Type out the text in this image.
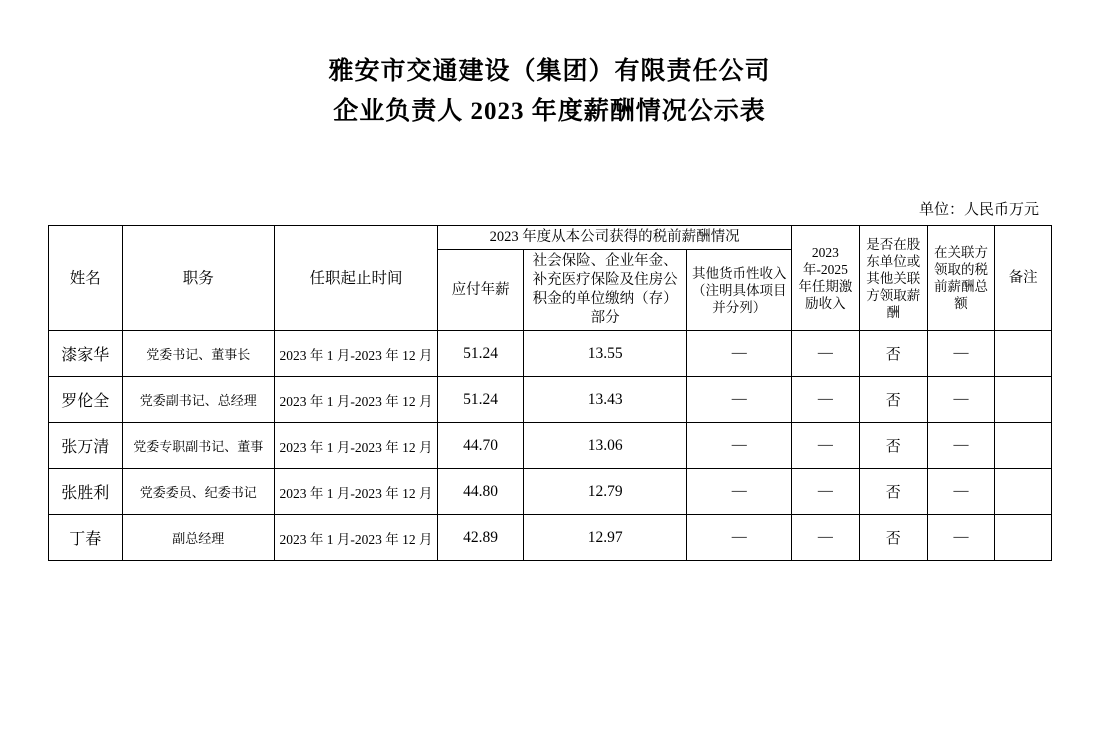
雅安市交通建设（集团）有限责任公司
企业负责人 2023 年度薪酬情况公示表
单位：人民币万元
姓名	职务	任职起止时间	2023 年度从本公司获得的税前薪酬情况			2023 年-2025 年任期激励收入	是否在股东单位或其他关联方领取薪酬	在关联方领取的税前薪酬总额	备注
			应付年薪	社会保险、企业年金、补充医疗保险及住房公积金的单位缴纳（存）部分	其他货币性收入（注明具体项目并分列）				
漆家华	党委书记、董事长	2023 年 1 月-2023 年 12 月	51.24	13.55	—	—	否	—	
罗伦全	党委副书记、总经理	2023 年 1 月-2023 年 12 月	51.24	13.43	—	—	否	—	
张万清	党委专职副书记、董事	2023 年 1 月-2023 年 12 月	44.70	13.06	—	—	否	—	
张胜利	党委委员、纪委书记	2023 年 1 月-2023 年 12 月	44.80	12.79	—	—	否	—	
丁春	副总经理	2023 年 1 月-2023 年 12 月	42.89	12.97	—	—	否	—	
